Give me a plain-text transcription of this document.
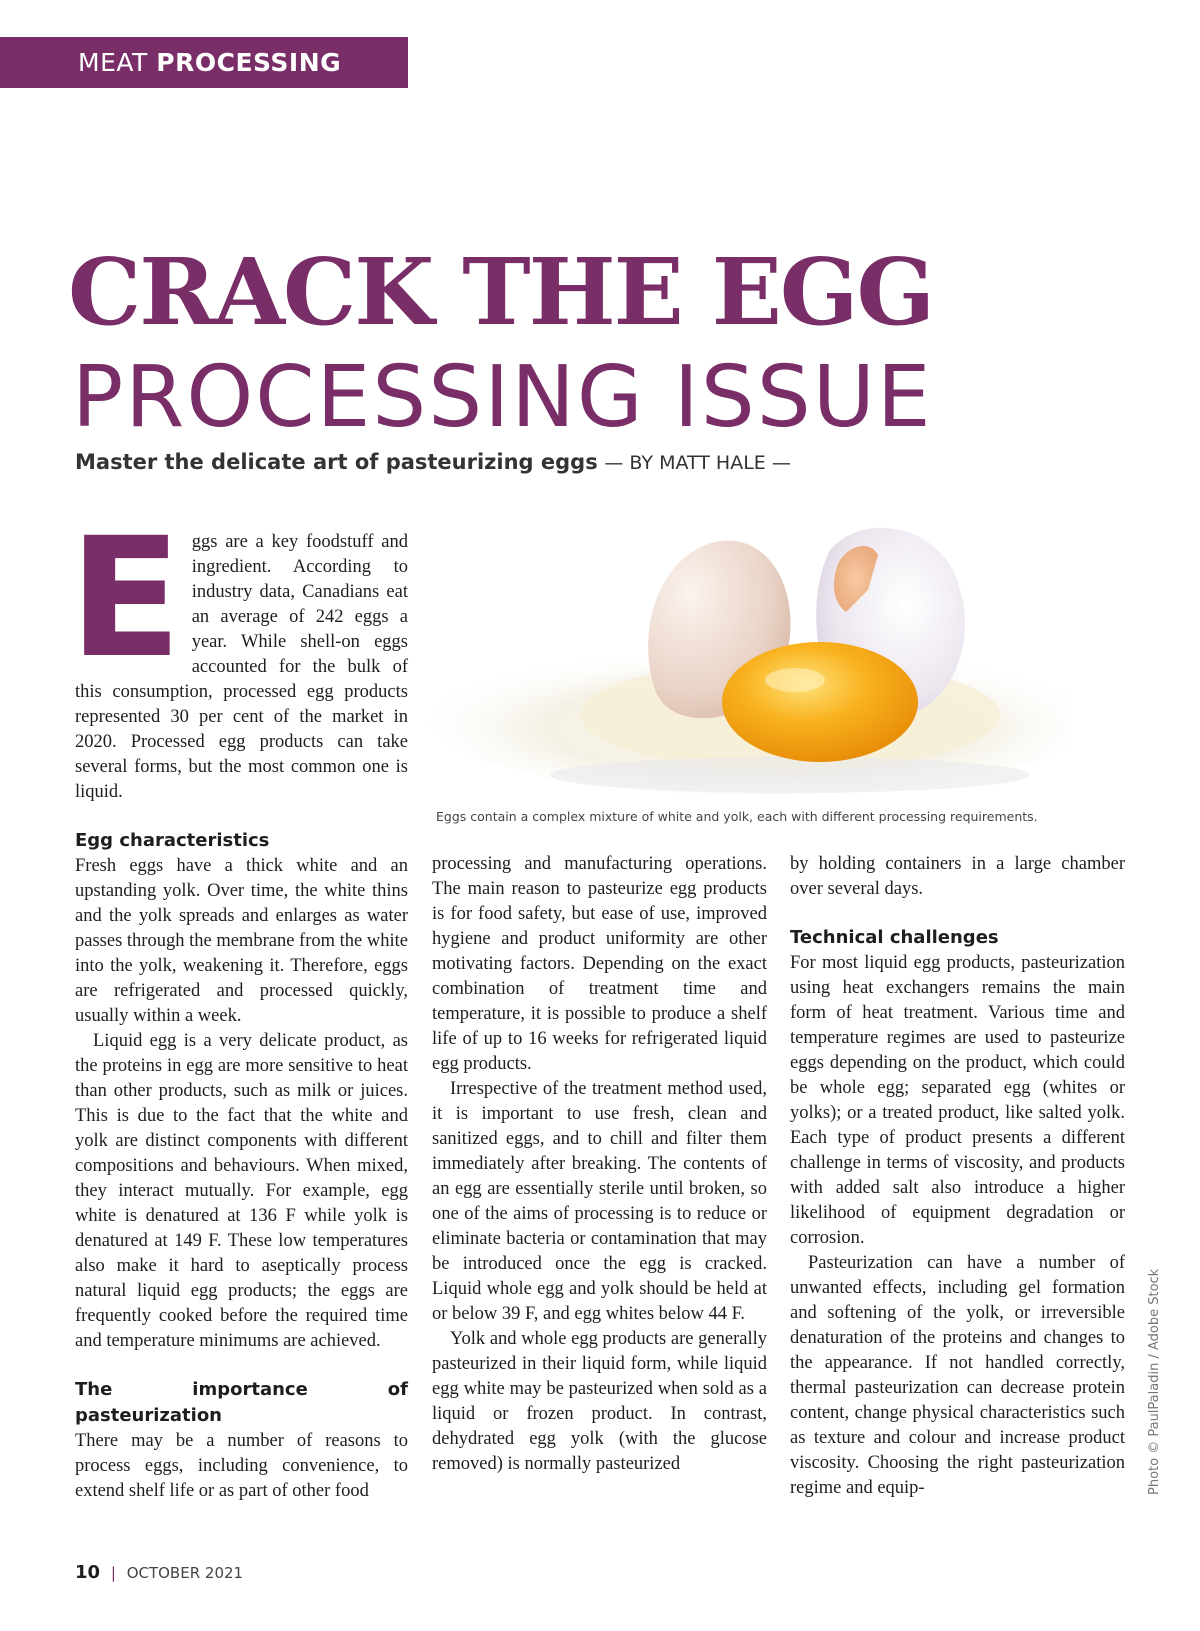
MEAT PROCESSING
CRACK THE EGG
PROCESSING ISSUE
Master the delicate art of pasteurizing eggs — BY MATT HALE —
E ggs are a key foodstuff and ingredient. According to industry data, Canadians eat an average of 242 eggs a year. While shell-on eggs accounted for the bulk of this consumption, processed egg products represented 30 per cent of the market in 2020. Processed egg products can take several forms, but the most common one is liquid.
Eggs contain a complex mixture of white and yolk, each with different processing requirements.
Photo © PaulPaladin / Adobe Stock
Egg characteristics

Fresh eggs have a thick white and an upstanding yolk. Over time, the white thins and the yolk spreads and enlarges as water passes through the membrane from the white into the yolk, weakening it. Therefore, eggs are refrigerated and processed quickly, usually within a week.

Liquid egg is a very delicate product, as the proteins in egg are more sensitive to heat than other products, such as milk or juices. This is due to the fact that the white and yolk are distinct components with different compositions and behaviours. When mixed, they interact mutually. For example, egg white is denatured at 136 F while yolk is denatured at 149 F. These low temperatures also make it hard to aseptically process natural liquid egg products; the eggs are frequently cooked before the required time and temperature minimums are achieved.

The importance of pasteurization

There may be a number of reasons to process eggs, including convenience, to extend shelf life or as part of other food

processing and manufacturing operations. The main reason to pasteurize egg products is for food safety, but ease of use, improved hygiene and product uniformity are other motivating factors. Depending on the exact combination of treatment time and temperature, it is possible to produce a shelf life of up to 16 weeks for refrigerated liquid egg products.

Irrespective of the treatment method used, it is important to use fresh, clean and sanitized eggs, and to chill and filter them immediately after breaking. The contents of an egg are essentially sterile until broken, so one of the aims of processing is to reduce or eliminate bacteria or contamination that may be introduced once the egg is cracked. Liquid whole egg and yolk should be held at or below 39 F, and egg whites below 44 F.

Yolk and whole egg products are generally pasteurized in their liquid form, while liquid egg white may be pasteurized when sold as a liquid or frozen product. In contrast, dehydrated egg yolk (with the glucose removed) is normally pasteurized

by holding containers in a large chamber over several days.

Technical challenges

For most liquid egg products, pasteurization using heat exchangers remains the main form of heat treatment. Various time and temperature regimes are used to pasteurize eggs depending on the product, which could be whole egg; separated egg (whites or yolks); or a treated product, like salted yolk. Each type of product presents a different challenge in terms of viscosity, and products with added salt also introduce a higher likelihood of equipment degradation or corrosion.

Pasteurization can have a number of unwanted effects, including gel formation and softening of the yolk, or irreversible denaturation of the proteins and changes to the appearance. If not handled correctly, thermal pasteurization can decrease protein content, change physical characteristics such as texture and colour and increase product viscosity. Choosing the right pasteurization regime and equip-

10 | OCTOBER 2021
